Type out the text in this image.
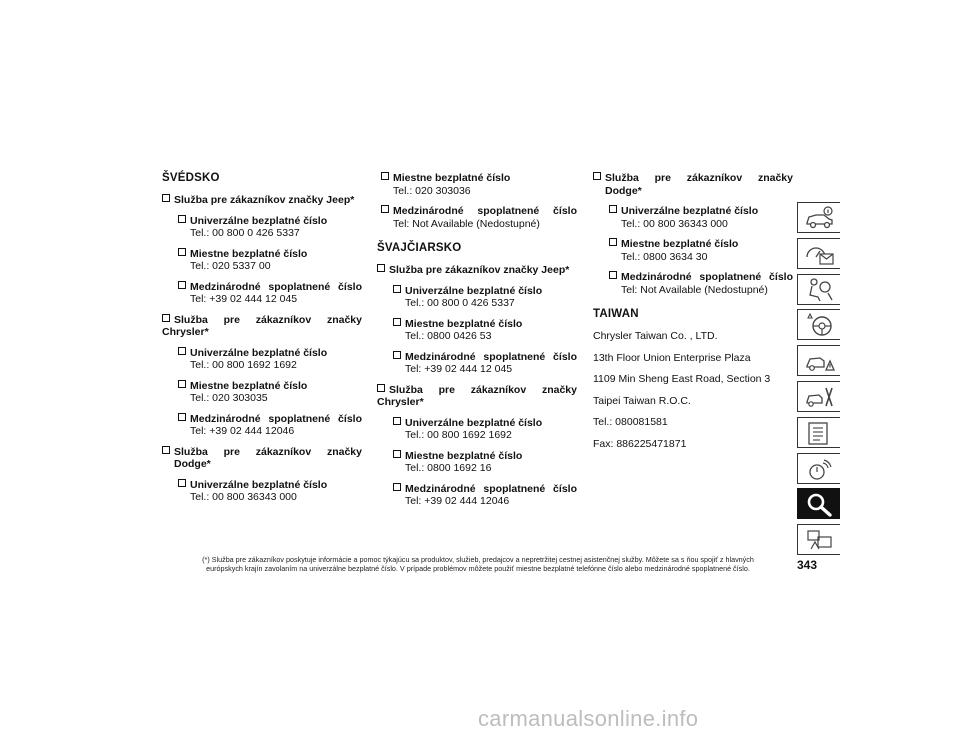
ŠVÉDSKO
Služba pre zákazníkov značky Jeep*
Univerzálne bezplatné číslo
Tel.: 00 800 0 426 5337
Miestne bezplatné číslo
Tel.: 020 5337 00
Medzinárodné spoplatnené číslo
Tel: +39 02 444 12 045
Služba pre zákazníkov značky
Chrysler*
Univerzálne bezplatné číslo
Tel.: 00 800 1692 1692
Miestne bezplatné číslo
Tel.: 020 303035
Medzinárodné spoplatnené číslo
Tel: +39 02 444 12046
Služba pre zákazníkov značky Dodge*
Univerzálne bezplatné číslo
Tel.: 00 800 36343 000
Miestne bezplatné číslo
Tel.: 020 303036
Medzinárodné spoplatnené číslo
Tel: Not Available (Nedostupné)
ŠVAJČIARSKO
Služba pre zákazníkov značky Jeep*
Univerzálne bezplatné číslo
Tel.: 00 800 0 426 5337
Miestne bezplatné číslo
Tel.: 0800 0426 53
Medzinárodné spoplatnené číslo
Tel: +39 02 444 12 045
Služba pre zákazníkov značky
Chrysler*
Univerzálne bezplatné číslo
Tel.: 00 800 1692 1692
Miestne bezplatné číslo
Tel.: 0800 1692 16
Medzinárodné spoplatnené číslo
Tel: +39 02 444 12046
Služba pre zákazníkov značky Dodge*
Univerzálne bezplatné číslo
Tel.: 00 800 36343 000
Miestne bezplatné číslo
Tel.: 0800 3634 30
Medzinárodné spoplatnené číslo
Tel: Not Available (Nedostupné)
TAIWAN
Chrysler Taiwan Co. , LTD.
13th Floor Union Enterprise Plaza
1109 Min Sheng East Road, Section 3
Taipei Taiwan R.O.C.
Tel.: 080081581
Fax: 886225471871
(*) Služba pre zákazníkov poskytuje informácie a pomoc týkajúcu sa produktov, služieb, predajcov a nepretržitej cestnej asistenčnej služby. Môžete sa s ňou spojiť z hlavných
európskych krajín zavolaním na univerzálne bezplatné číslo. V prípade problémov môžete použiť miestne bezplatné telefónne číslo alebo medzinárodné spoplatnené číslo.	343
carmanualsonline.info
